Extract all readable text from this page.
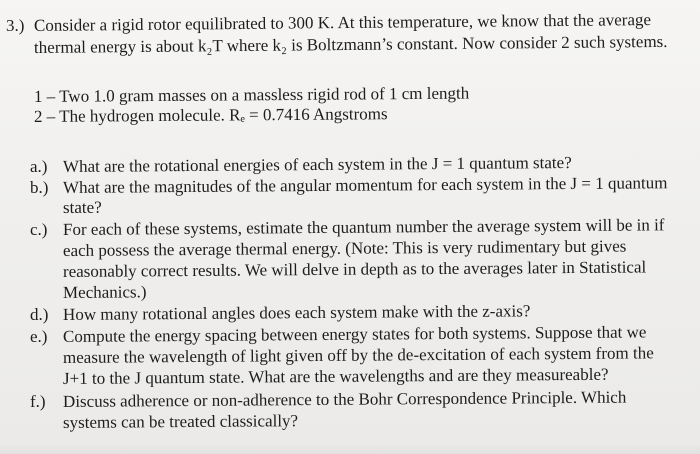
3.) Consider a rigid rotor equilibrated to 300 K. At this temperature, we know that the average
thermal energy is about k₂T where k₂ is Boltzmann’s constant. Now consider 2 such systems.
1 – Two 1.0 gram masses on a massless rigid rod of 1 cm length
2 – The hydrogen molecule. Rₑ = 0.7416 Angstroms
a.) What are the rotational energies of each system in the J = 1 quantum state?
b.) What are the magnitudes of the angular momentum for each system in the J = 1 quantum
state?
c.) For each of these systems, estimate the quantum number the average system will be in if
each possess the average thermal energy. (Note: This is very rudimentary but gives
reasonably correct results. We will delve in depth as to the averages later in Statistical
Mechanics.)
d.) How many rotational angles does each system make with the z-axis?
e.) Compute the energy spacing between energy states for both systems. Suppose that we
measure the wavelength of light given off by the de-excitation of each system from the
J+1 to the J quantum state. What are the wavelengths and are they measureable?
f.) Discuss adherence or non-adherence to the Bohr Correspondence Principle. Which
systems can be treated classically?
